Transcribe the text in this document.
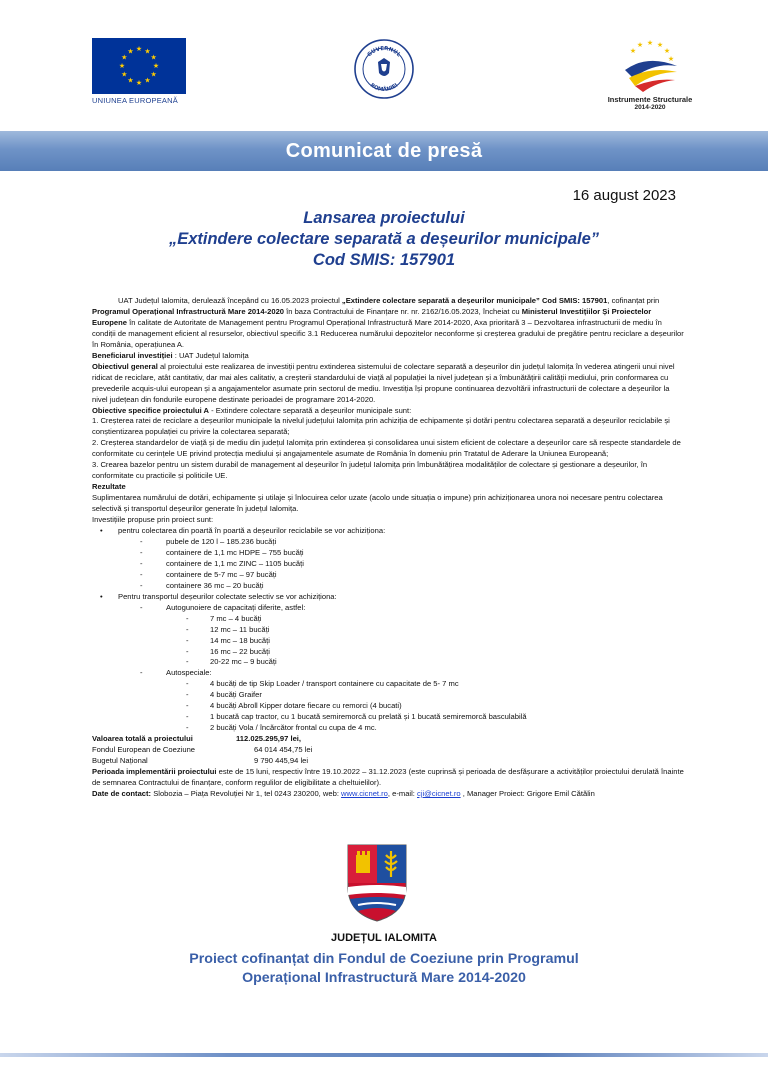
★ ★
★
★
★
★
★
★
★
★
★
★
UNIUNEA EUROPEANĂ
GUVERNUL
ROMÂNIEI
★ ★
★
★
★
★
Instrumente Structurale
2014-2020
Comunicat de presă
16 august 2023
Lansarea proiectului
„Extindere colectare separată a deșeurilor municipale”
Cod SMIS: 157901

UAT Județul Ialomita, derulează începând cu 16.05.2023 proiectul „Extindere colectare separată a deșeurilor municipale” Cod SMIS: 157901, cofinanțat prin Programul Operațional Infrastructură Mare 2014-2020 în baza Contractului de Finanțare nr. nr. 2162/16.05.2023, încheiat cu Ministerul Investițiilor Și Proiectelor Europene în calitate de Autoritate de Management pentru Programul Operațional Infrastructură Mare 2014-2020, Axa prioritară 3 – Dezvoltarea infrastructurii de mediu în condiții de management eficient al resurselor, obiectivul specific 3.1 Reducerea numărului depozitelor neconforme și creșterea gradului de pregătire pentru reciclare a deșeurilor în România, operațiunea A.

Beneficiarul investiției : UAT Județul Ialomița

Obiectivul general al proiectului este realizarea de investiții pentru extinderea sistemului de colectare separată a deșeurilor din județul Ialomița în vederea atingerii unui nivel ridicat de reciclare, atât cantitativ, dar mai ales calitativ, a creșterii standardului de viață al populației la nivel județean și a îmbunătățirii calității mediului, prin conformarea cu prevederile acquis-ului european și a angajamentelor asumate prin sectorul de mediu. Investiția își propune continuarea dezvoltării infrastructurii de colectare a deșeurilor la nivel județean din fondurile europene destinate perioadei de programare 2014-2020.

Obiective specifice proiectului A - Extindere colectare separată a deșeurilor municipale sunt:

1. Creșterea ratei de reciclare a deșeurilor municipale la nivelul județului Ialomița prin achiziția de echipamente și dotări pentru colectarea separată a deșeurilor reciclabile și conștientizarea populației cu privire la colectarea separată;

2. Creșterea standardelor de viață și de mediu din județul Ialomița prin extinderea și consolidarea unui sistem eficient de colectare a deșeurilor care să respecte standardele de conformitate cu cerințele UE privind protecția mediului și angajamentele asumate de România în domeniu prin Tratatul de Aderare la Uniunea Europeană;

3. Crearea bazelor pentru un sistem durabil de management al deșeurilor în județul Ialomița prin îmbunătățirea modalităților de colectare și gestionare a deșeurilor, în conformitate cu practicile și politicile UE.

Rezultate

Suplimentarea numărului de dotări, echipamente și utilaje și înlocuirea celor uzate (acolo unde situația o impune) prin achiziționarea unora noi necesare pentru colectarea selectivă și transportul deșeurilor generate în județul Ialomița.

Investițiile propuse prin proiect sunt:

• pentru colectarea din poartă în poartă a deșeurilor reciclabile se vor achiziționa:
-	pubele de 120 l – 185.236 bucăți
-	containere de 1,1 mc HDPE – 755 bucăți
-	containere de 1,1 mc ZINC – 1105 bucăți
-	containere de 5-7 mc – 97 bucăți
-	containere 36 mc – 20 bucăți
• Pentru transportul deșeurilor colectate selectiv se vor achiziționa:
-	Autogunoiere de capacitați diferite, astfel:
-	7 mc – 4 bucăți
-	12 mc – 11 bucăți
-	14 mc – 18 bucăți
-	16 mc – 22 bucăți
-	20-22 mc – 9 bucăți
-	Autospeciale:
-	4 bucăți de tip Skip Loader / transport containere cu capacitate de 5- 7 mc
-	4 bucăți Graifer
-	4 bucăți Abroll Kipper dotare fiecare cu remorci (4 bucati)
-	1 bucată cap tractor, cu 1 bucată semiremorcă cu prelată și 1 bucată semiremorcă basculabilă
-	2 bucăți Vola / încărcător frontal cu cupa de 4 mc.
Valoarea totală a proiectului	112.025.295,97 lei,
Fondul European de Coeziune	64 014 454,75 lei
Bugetul Național	9 790 445,94 lei

Perioada implementării proiectului este de 15 luni, respectiv între 19.10.2022 – 31.12.2023 (este cuprinsă și perioada de desfășurare a activităților proiectului derulată înainte de semnarea Contractului de finanțare, conform regulilor de eligibilitate a cheltuielilor).

Date de contact: Slobozia – Piața Revoluției Nr 1, tel 0243 230200, web: www.cicnet.ro, e-mail: cji@cicnet.ro , Manager Proiect: Grigore Emil Cătălin

JUDEȚUL IALOMITA
Proiect cofinanțat din Fondul de Coeziune prin Programul
Operațional Infrastructură Mare 2014-2020
